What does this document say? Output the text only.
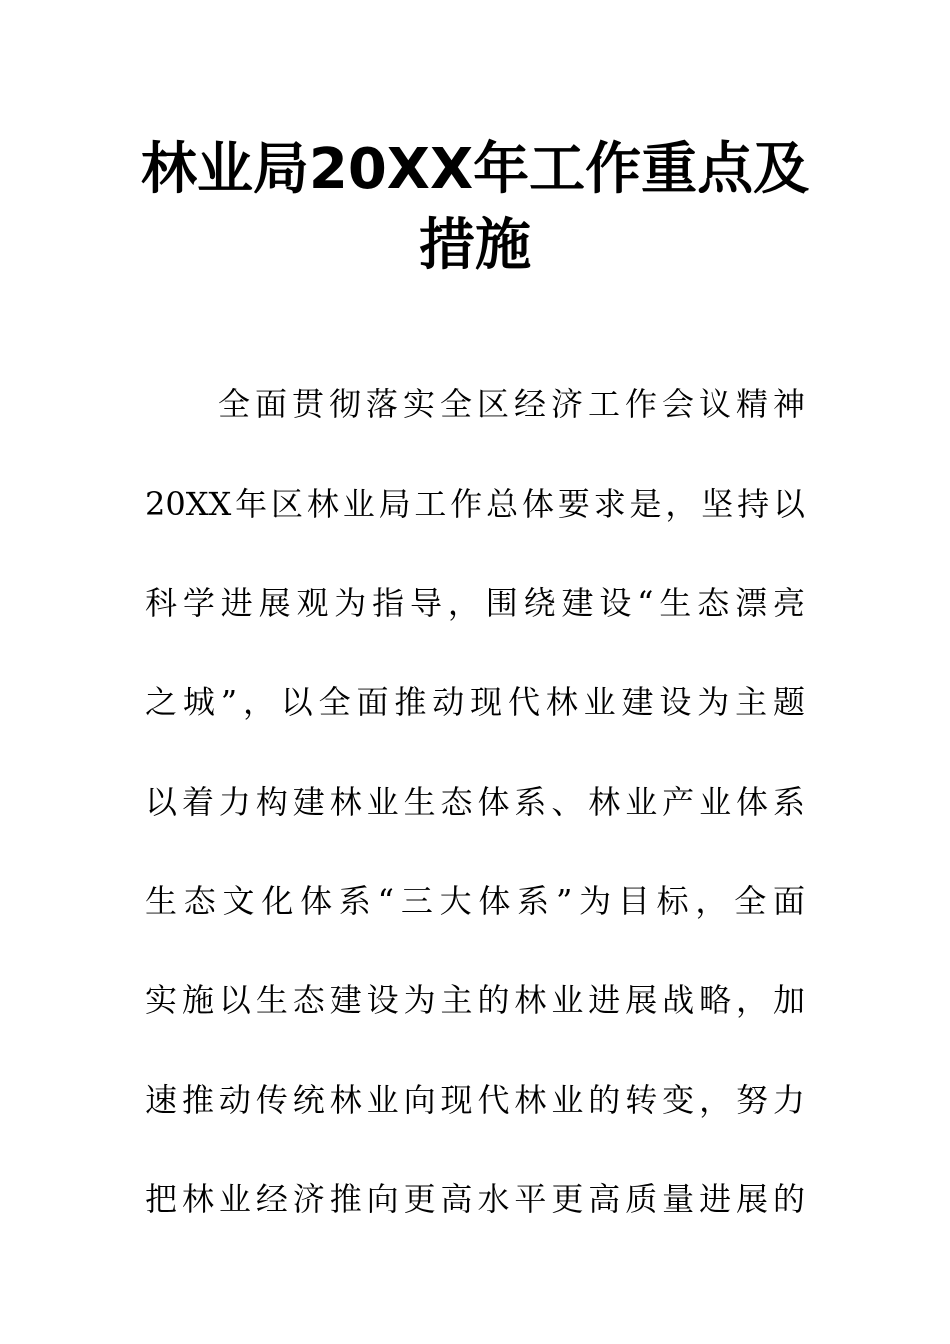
林业局20XX年工作重点及
措施
全面贯彻落实全区经济工作会议精神
20XX年区林业局工作总体要求是，坚持以
科学进展观为指导，围绕建设“生态漂亮
之城”，以全面推动现代林业建设为主题
以着力构建林业生态体系、林业产业体系
生态文化体系“三大体系”为目标，全面
实施以生态建设为主的林业进展战略，加
速推动传统林业向现代林业的转变，努力
把林业经济推向更高水平更高质量进展的
